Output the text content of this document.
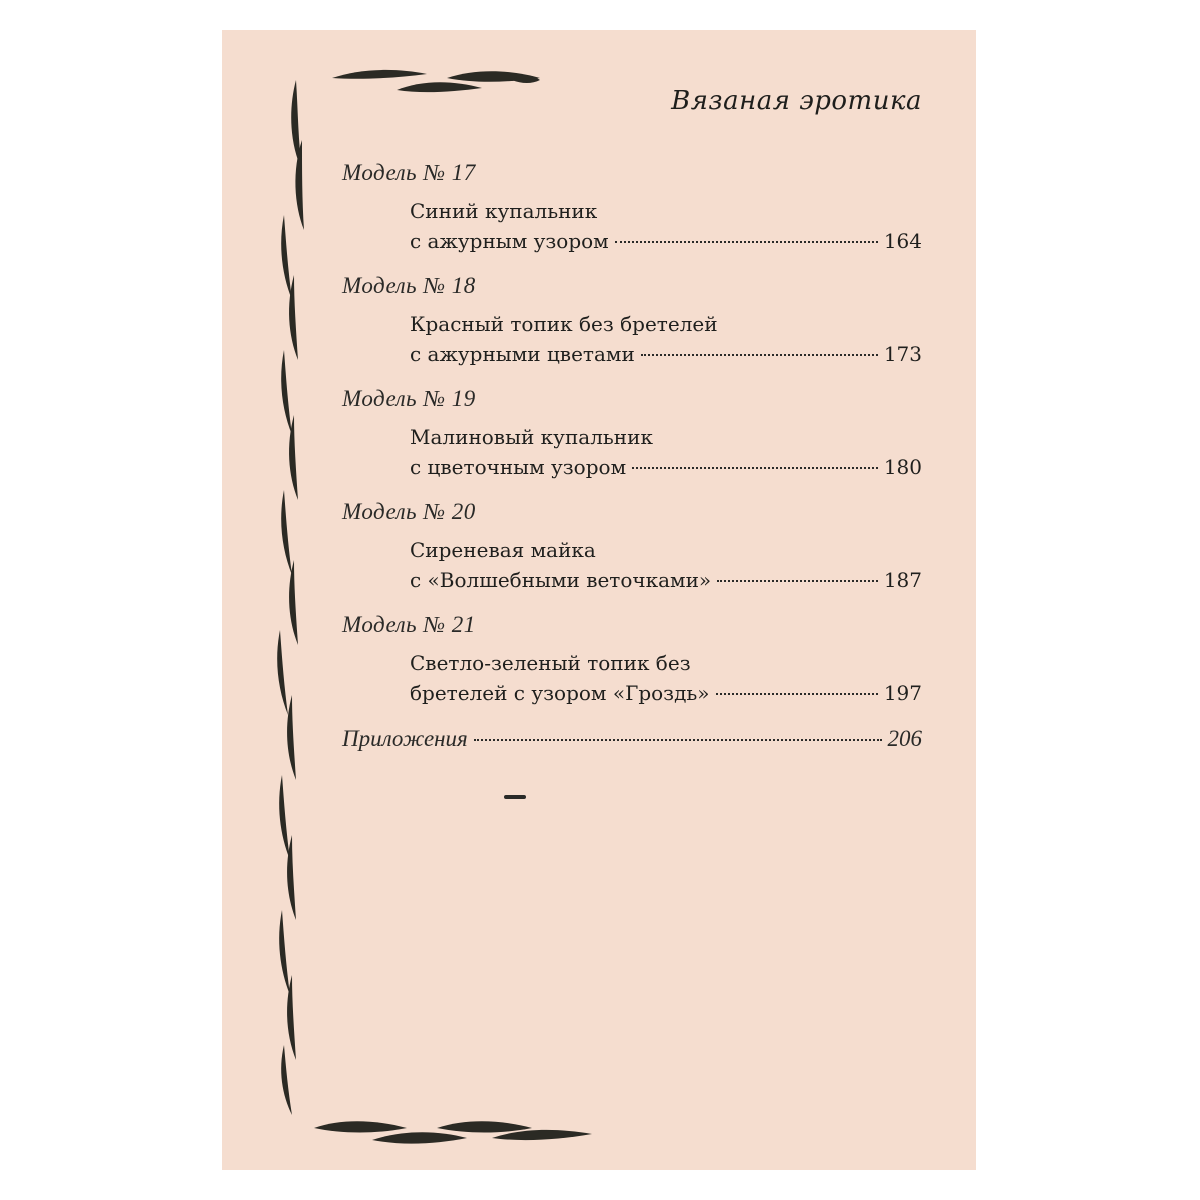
Вязаная эротика
Модель № 17
Синий купальник
с ажурным узором	164
Модель № 18
Красный топик без бретелей
с ажурными цветами	173
Модель № 19
Малиновый купальник
с цветочным узором	180
Модель № 20
Сиреневая майка
с «Волшебными веточками»	187
Модель № 21
Светло-зеленый топик без
бретелей с узором «Гроздь»	197
Приложения	206
